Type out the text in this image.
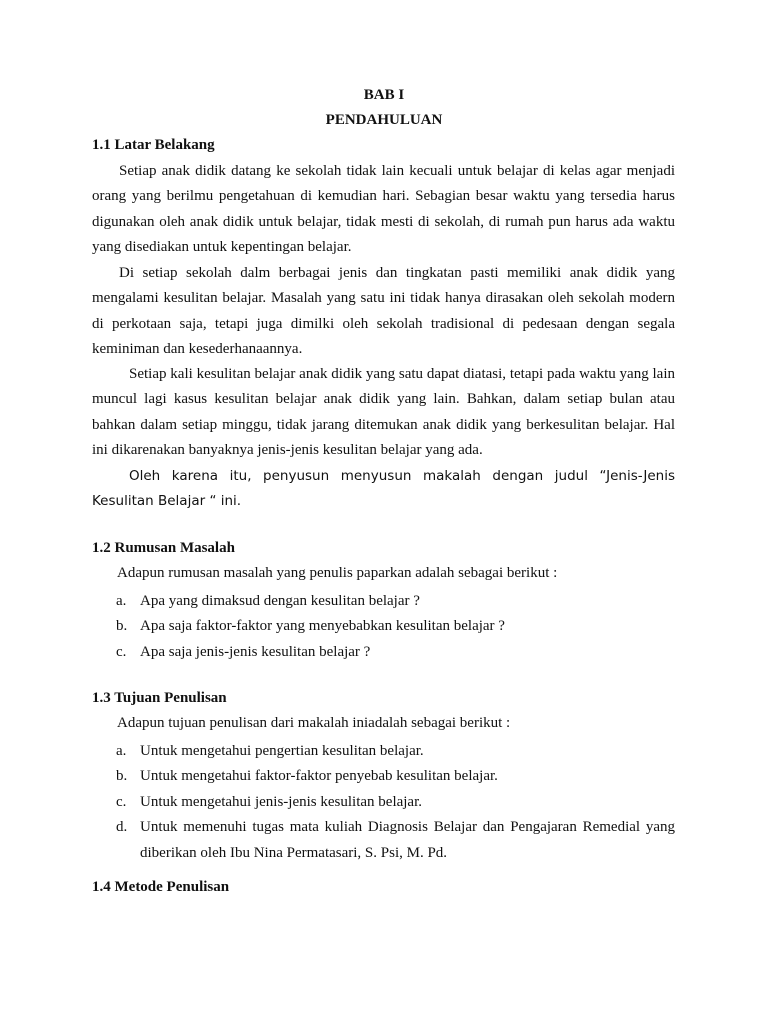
BAB I

PENDAHULUAN

1.1 Latar Belakang

Setiap anak didik datang ke sekolah tidak lain kecuali untuk belajar di kelas agar menjadi orang yang berilmu pengetahuan di kemudian hari. Sebagian besar waktu yang tersedia harus digunakan oleh anak didik untuk belajar, tidak mesti di sekolah, di rumah pun harus ada waktu yang disediakan untuk kepentingan belajar.

Di setiap sekolah dalm berbagai jenis dan tingkatan pasti memiliki anak didik yang mengalami kesulitan belajar. Masalah yang satu ini tidak hanya dirasakan oleh sekolah modern di perkotaan saja, tetapi juga dimilki oleh sekolah tradisional di pedesaan dengan segala keminiman dan kesederhanaannya.

Setiap kali kesulitan belajar anak didik yang satu dapat diatasi, tetapi pada waktu yang lain muncul lagi kasus kesulitan belajar anak didik yang lain. Bahkan, dalam setiap bulan atau bahkan dalam setiap minggu, tidak jarang ditemukan anak didik yang berkesulitan belajar. Hal ini dikarenakan banyaknya jenis-jenis kesulitan belajar yang ada.

Oleh karena itu, penyusun menyusun makalah dengan judul “Jenis-Jenis Kesulitan Belajar “ ini.

1.2 Rumusan Masalah

Adapun rumusan masalah yang penulis paparkan adalah sebagai berikut :

a. Apa yang dimaksud dengan kesulitan belajar ?
b. Apa saja faktor-faktor yang menyebabkan kesulitan belajar ?
c. Apa saja jenis-jenis kesulitan belajar ?

1.3 Tujuan Penulisan

Adapun tujuan penulisan dari makalah iniadalah sebagai berikut :

a. Untuk mengetahui pengertian kesulitan belajar.
b. Untuk mengetahui faktor-faktor penyebab kesulitan belajar.
c. Untuk mengetahui jenis-jenis kesulitan belajar.
d. Untuk memenuhi tugas mata kuliah Diagnosis Belajar dan Pengajaran Remedial yang diberikan oleh Ibu Nina Permatasari, S. Psi, M. Pd.

1.4 Metode Penulisan
